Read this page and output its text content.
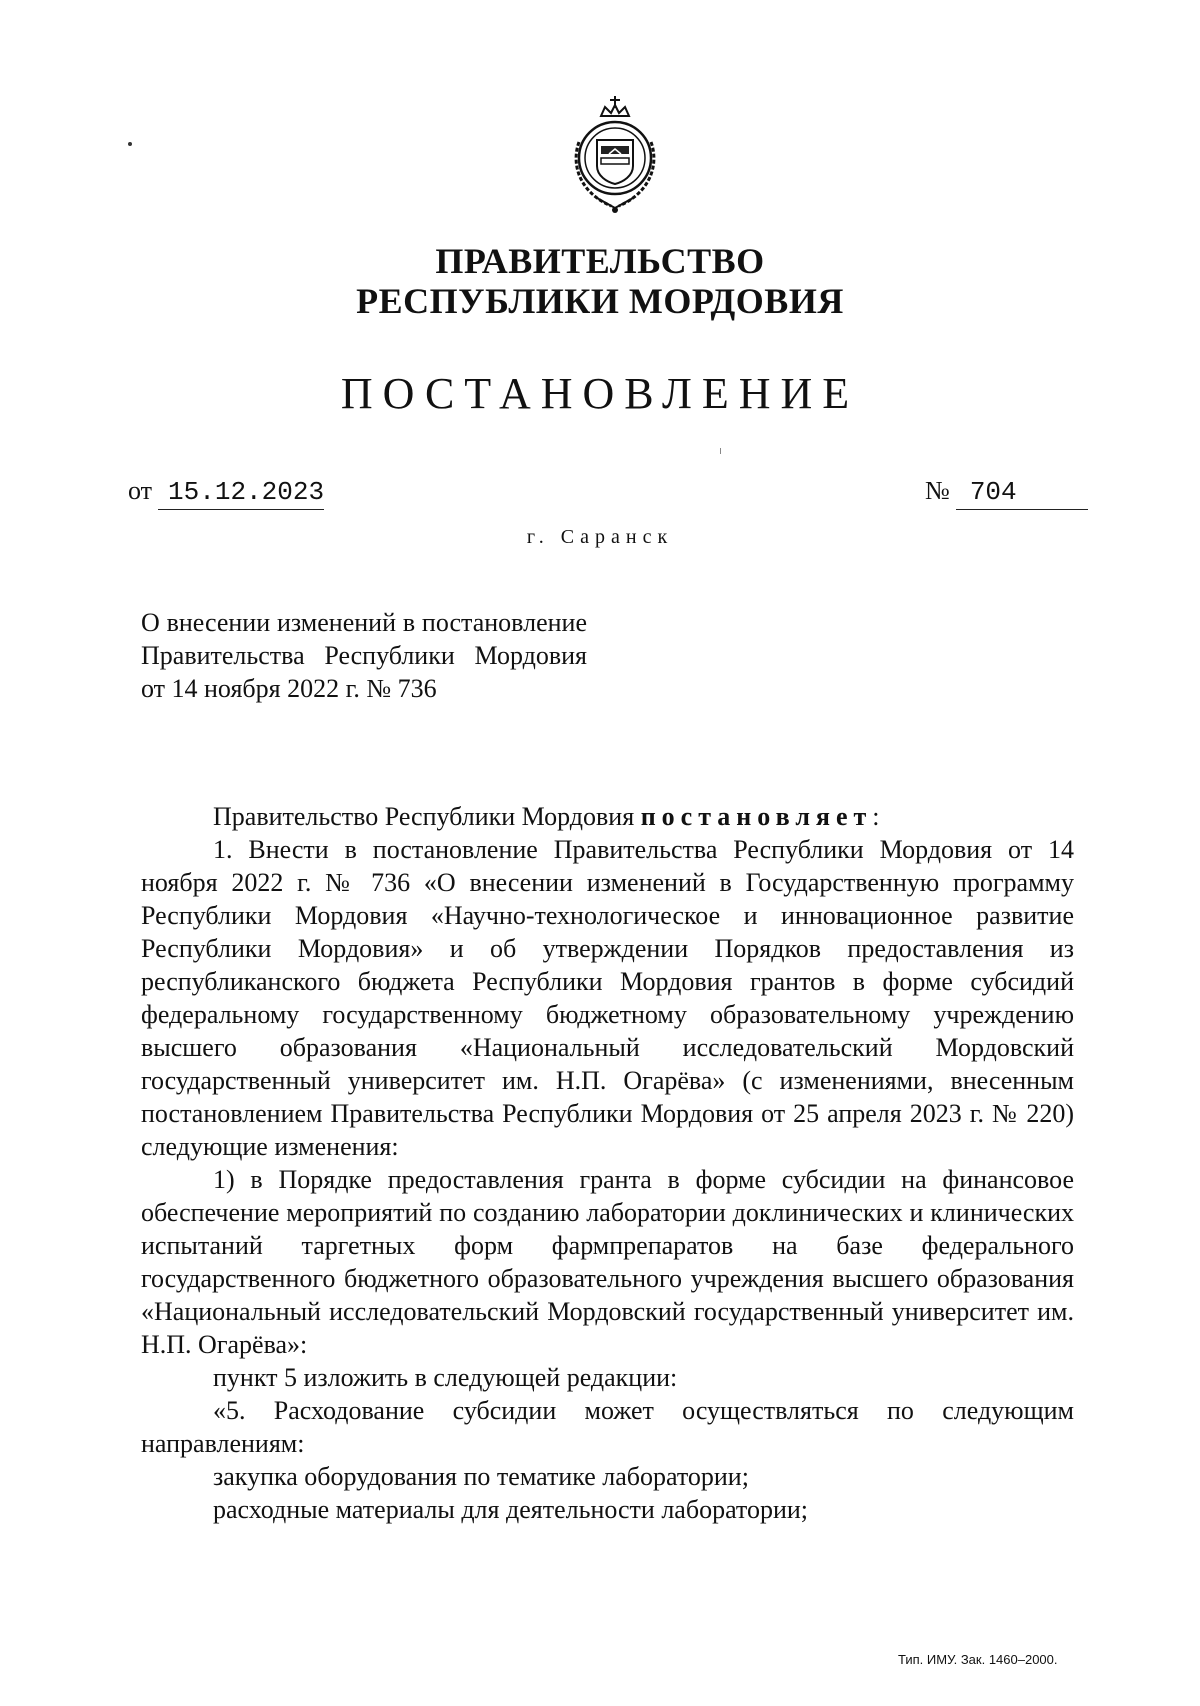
ПРАВИТЕЛЬСТВО
РЕСПУБЛИКИ МОРДОВИЯ
ПОСТАНОВЛЕНИЕ
от 15.12.2023	№ 704
г. Саранск
О внесении изменений в постановление Правительства Республики Мордовия от 14 ноября 2022 г. № 736

Правительство Республики Мордовия постановляет:

1. Внести в постановление Правительства Республики Мордовия от 14 ноября 2022 г. № 736 «О внесении изменений в Государственную программу Республики Мордовия «Научно-технологическое и инновационное развитие Республики Мордовия» и об утверждении Порядков предоставления из республиканского бюджета Республики Мордовия грантов в форме субсидий федеральному государственному бюджетному образовательному учреждению высшего образования «Национальный исследовательский Мордовский государственный университет им. Н.П. Огарёва» (с изменениями, внесенным постановлением Правительства Республики Мордовия от 25 апреля 2023 г. № 220) следующие изменения:

1) в Порядке предоставления гранта в форме субсидии на финансовое обеспечение мероприятий по созданию лаборатории доклинических и клинических испытаний таргетных форм фармпрепаратов на базе федерального государственного бюджетного образовательного учреждения высшего образования «Национальный исследовательский Мордовский государственный университет им. Н.П. Огарёва»:

пункт 5 изложить в следующей редакции:

«5. Расходование субсидии может осуществляться по следующим направлениям:

закупка оборудования по тематике лаборатории;

расходные материалы для деятельности лаборатории;

Тип. ИМУ. Зак. 1460–2000.
